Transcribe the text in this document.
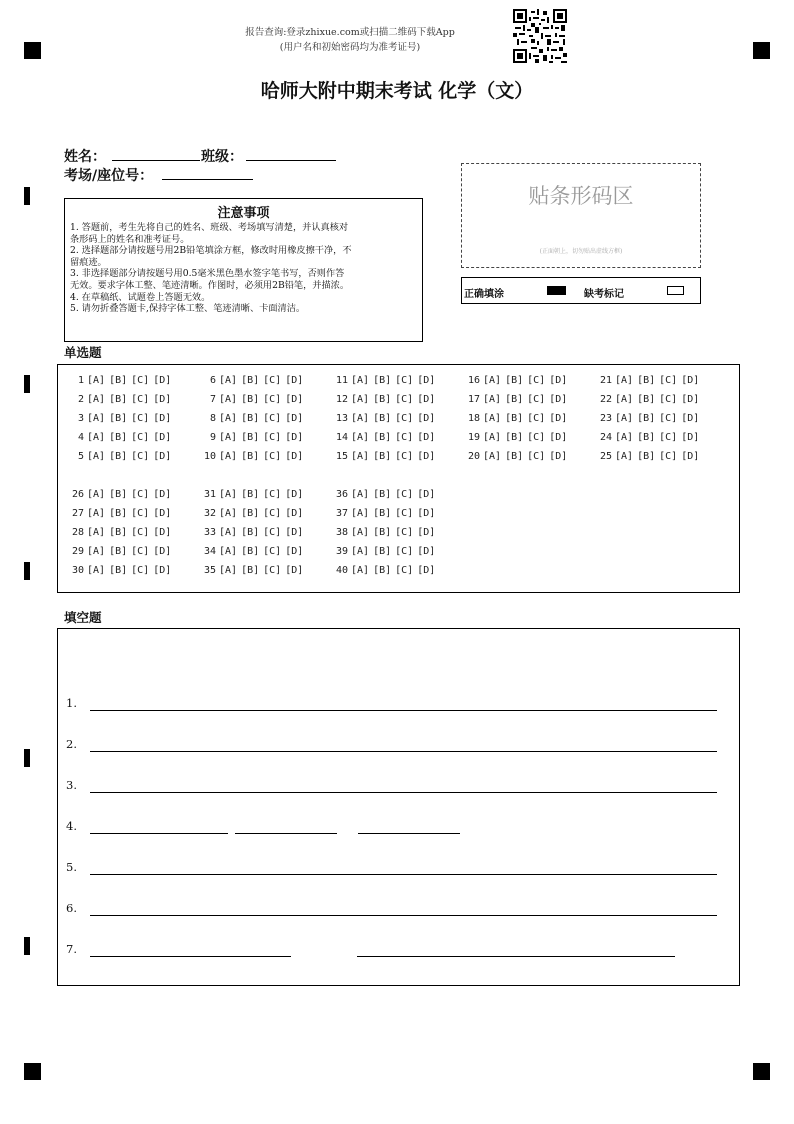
报告查询:登录zhixue.com或扫描二维码下载App
(用户名和初始密码均为准考证号)
哈师大附中期末考试 化学（文）
姓名：	班级：
考场/座位号：
注意事项
1. 答题前，考生先将自己的姓名、班级、考场填写清楚，并认真核对
条形码上的姓名和准考证号。
2. 选择题部分请按题号用2B铅笔填涂方框，修改时用橡皮擦干净，不
留痕迹。
3. 非选择题部分请按题号用0.5毫米黑色墨水签字笔书写，否则作答
无效。要求字体工整、笔迹清晰。作图时，必须用2B铅笔，并描浓。
4. 在草稿纸、试题卷上答题无效。
5. 请勿折叠答题卡,保持字体工整、笔迹清晰、卡面清洁。
贴条形码区
(正面朝上，切勿贴出虚线方框)
正确填涂	缺考标记
单选题
1 [A] [B] [C] [D]	6 [A] [B] [C] [D]	11 [A] [B] [C] [D]	16 [A] [B] [C] [D]	21 [A] [B] [C] [D]
2 [A] [B] [C] [D]	7 [A] [B] [C] [D]	12 [A] [B] [C] [D]	17 [A] [B] [C] [D]	22 [A] [B] [C] [D]
3 [A] [B] [C] [D]	8 [A] [B] [C] [D]	13 [A] [B] [C] [D]	18 [A] [B] [C] [D]	23 [A] [B] [C] [D]
4 [A] [B] [C] [D]	9 [A] [B] [C] [D]	14 [A] [B] [C] [D]	19 [A] [B] [C] [D]	24 [A] [B] [C] [D]
5 [A] [B] [C] [D]	10 [A] [B] [C] [D]	15 [A] [B] [C] [D]	20 [A] [B] [C] [D]	25 [A] [B] [C] [D]
26 [A] [B] [C] [D]	31 [A] [B] [C] [D]	36 [A] [B] [C] [D]
27 [A] [B] [C] [D]	32 [A] [B] [C] [D]	37 [A] [B] [C] [D]
28 [A] [B] [C] [D]	33 [A] [B] [C] [D]	38 [A] [B] [C] [D]
29 [A] [B] [C] [D]	34 [A] [B] [C] [D]	39 [A] [B] [C] [D]
30 [A] [B] [C] [D]	35 [A] [B] [C] [D]	40 [A] [B] [C] [D]
填空题
1.
2.
3.
4.
5.
6.
7.
